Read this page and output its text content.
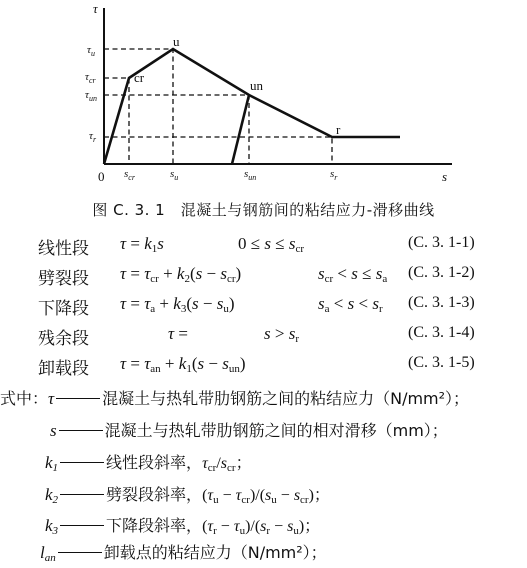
τ
s
0
u
cr
un
r
$\tau_u$
$\tau_{cr}$
$\tau_{un}$
$\tau_r$
$s_{cr}$	$s_u$	$s_{un}$	$s_r$
图 C. 3. 1　混凝土与钢筋间的粘结应力-滑移曲线
线性段 $\tau = k_1s$	$0 \le s \le s_{cr}$	(C. 3. 1-1)
劈裂段 $\tau = \tau_{cr} + k_2(s - s_{cr})$	$s_{cr} < s \le s_a$ (C. 3. 1-2)
下降段 $\tau = \tau_a + k_3(s - s_u)$	$s_a < s < s_r$ (C. 3. 1-3)
残余段	τ =	$s > s_r$	(C. 3. 1-4)
卸载段 $\tau = \tau_{an} + k_1(s - s_{un})$	(C. 3. 1-5)
式中：τ	混凝土与热轧带肋钢筋之间的粘结应力（N/mm²）；
s	混凝土与热轧带肋钢筋之间的相对滑移（mm）；
$k_1$	线性段斜率，$\tau_{cr}/s_{cr}$；
$k_2$	劈裂段斜率，$(\tau_u - \tau_{cr})/(s_u - s_{cr})$；
$k_3$	下降段斜率，$(\tau_r - \tau_u)/(s_r - s_u)$；
$l_{an}$	卸载点的粘结应力（N/mm²）；
